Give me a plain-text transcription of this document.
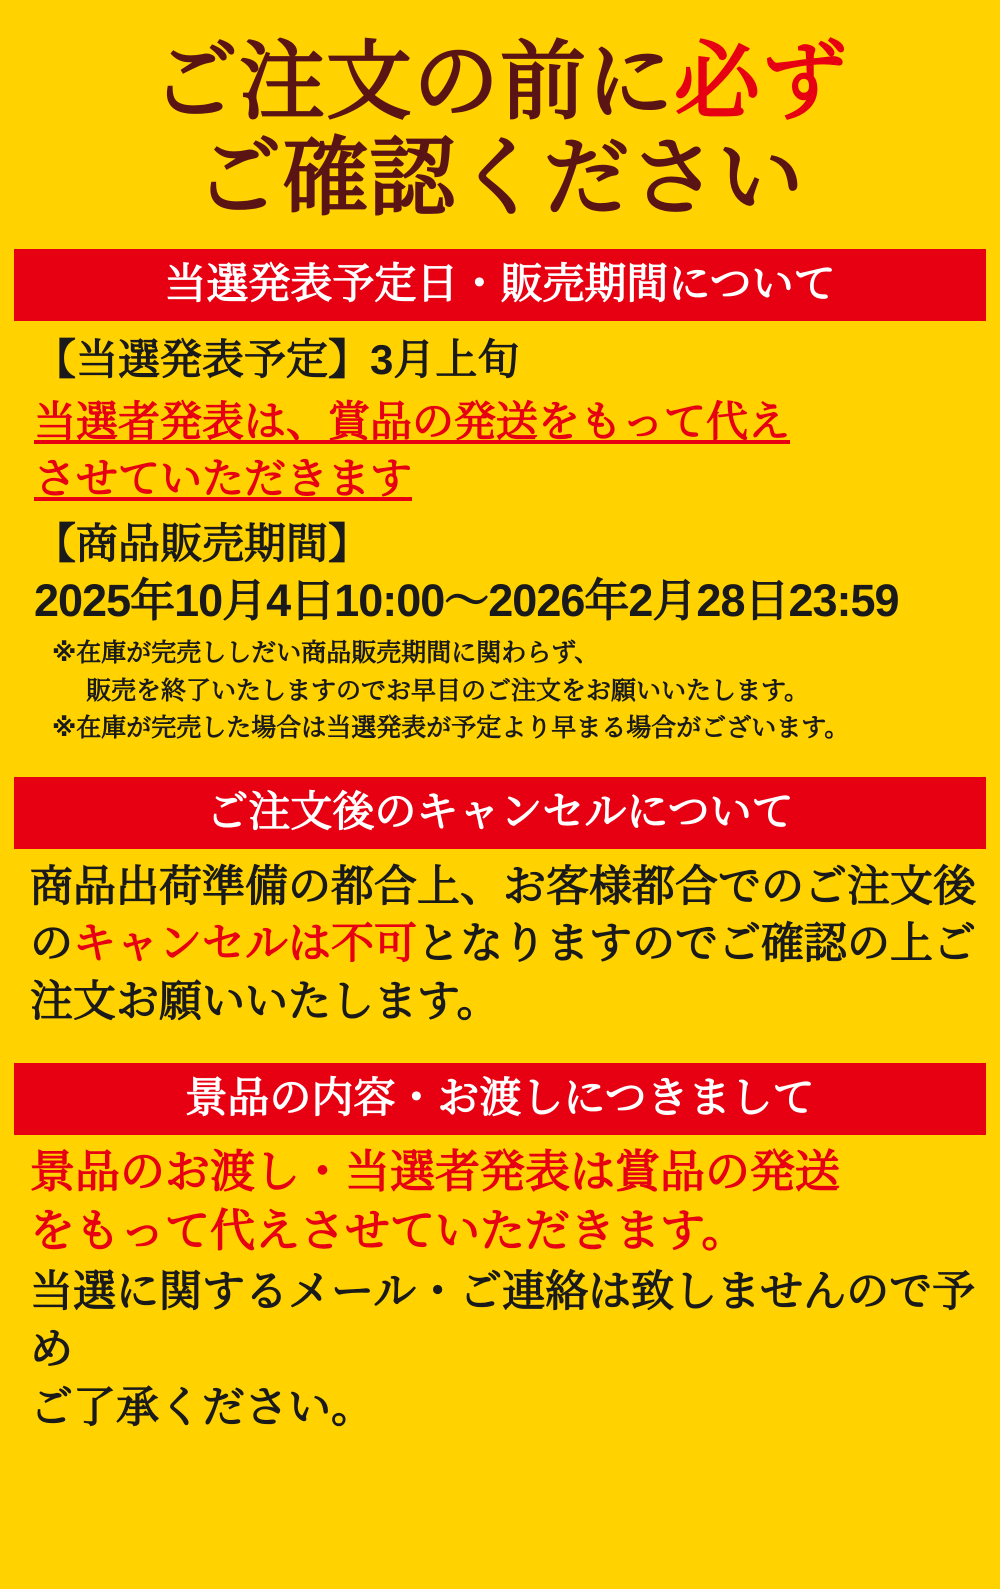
ご注文の前に必ず
ご確認ください
当選発表予定日・販売期間について

【当選発表予定】3月上旬

当選者発表は、賞品の発送をもって代え
させていただきます

【商品販売期間】

2025年10月4日10:00〜2026年2月28日23:59

※在庫が完売ししだい商品販売期間に関わらず、

販売を終了いたしますのでお早目のご注文をお願いいたします。

※在庫が完売した場合は当選発表が予定より早まる場合がございます。

ご注文後のキャンセルについて

商品出荷準備の都合上、お客様都合でのご注文後
のキャンセルは不可となりますのでご確認の上ご
注文お願いいたします。

景品の内容・お渡しにつきまして

景品のお渡し・当選者発表は賞品の発送
をもって代えさせていただきます。

当選に関するメール・ご連絡は致しませんので予め
ご了承ください。
